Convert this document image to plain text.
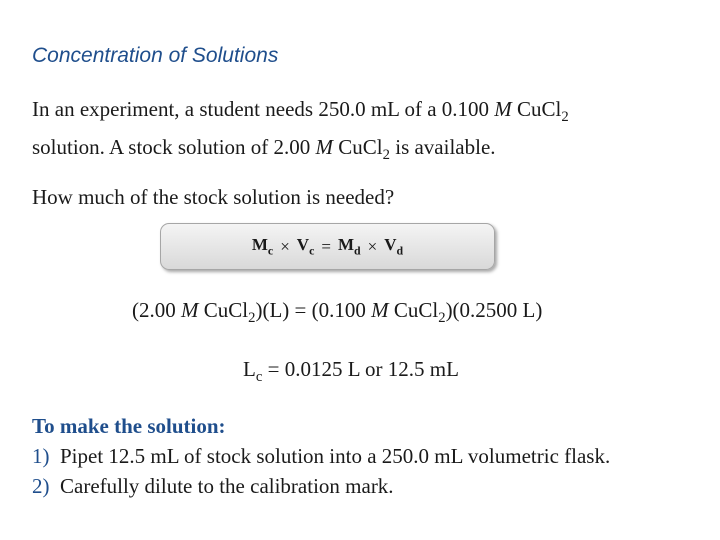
Concentration of Solutions
In an experiment, a student needs 250.0 mL of a 0.100 M CuCl$_2$
solution. A stock solution of 2.00 M CuCl$_2$ is available.
How much of the stock solution is needed?
$M_c \times V_c = M_d \times V_d$
(2.00 M CuCl$_2$)(L) = (0.100 M CuCl$_2$)(0.2500 L)
$L_c = 0.0125$ L or 12.5 mL
To make the solution:
1)  Pipet 12.5 mL of stock solution into a 250.0 mL volumetric flask.
2)  Carefully dilute to the calibration mark.
